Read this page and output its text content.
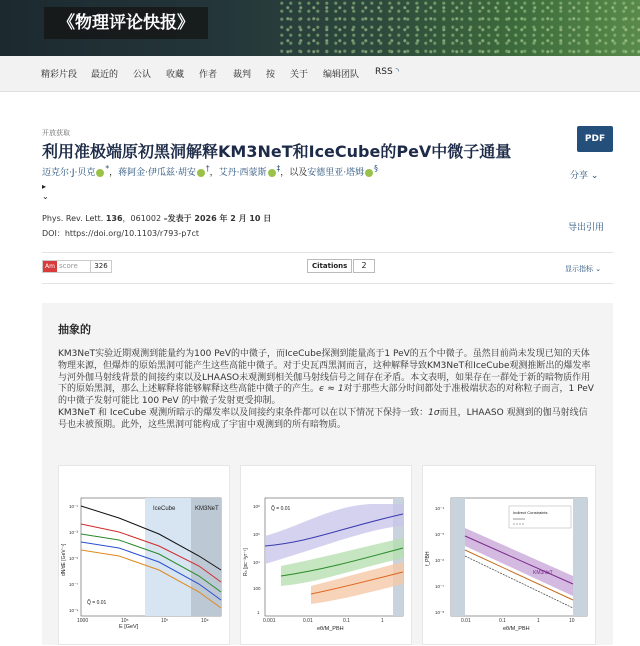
《物理评论快报》
精彩片段 最近的 公认 收藏 作者 裁判 按 关于 编辑团队 RSS ◝
开放获取
利用准极端原初黑洞解释KM3NeT和IceCube的PeV中微子通量
PDF
迈克尔·J·贝克 *，蒋阿金·伊瓜兹·胡安 †，艾丹·西蒙斯 ‡，以及安德里亚·塔姆 §
分享 ⌄
▸
⌄
Phys. Rev. Lett. 136，061002 –发表于 2026 年 2 月 10 日
DOI：https://doi.org/10.1103/r793-p7ct
导出引用
Am score	326	Citations	2	显示指标 ⌄
抽象的
KM3NeT实验近期观测到能量约为100 PeV的中微子，而IceCube探测到能量高于1 PeV的五个中微子。虽然目前尚未发现已知的天体物理来源，但爆炸的原始黑洞可能产生这些高能中微子。对于史瓦西黑洞而言，这种解释导致KM3NeT和IceCube观测推断出的爆发率与河外伽马射线背景的间接约束以及LHAASO未观测到相关伽马射线信号之间存在矛盾。本文表明，如果存在一群处于新的暗物质作用下的原始黑洞，那么上述解释将能够解释这些高能中微子的产生。ϵ ≈ 1对于那些大部分时间都处于准极端状态的对称粒子而言，1 PeV 的中微子发射可能比 100 PeV 的中微子发射更受抑制。
KM3NeT 和 IceCube 观测所暗示的爆发率以及间接约束条件都可以在以下情况下保持一致：1σ而且，LHAASO 观测到的伽马射线信号也未被预期。此外，这些黑洞可能构成了宇宙中观测到的所有暗物质。
IceCube	KM3NeT
Q̃ = 0.01
E [GeV]
dN/dE [GeV⁻¹]
1000	10⁵	10⁷	10⁹
10⁻¹
10⁻³
10⁻⁵
10⁻⁷
10⁻⁹
Q̃ = 0.01
eθ/M_PBH
Rₙ [pc⁻³yr⁻¹]
0.001	0.01	0.1	1
10⁸
10⁶
10⁴
100
1
Indirect Constraints
KM3NeT
eθ/M_PBH
f_PBH
0.01	0.1	1	10
10⁻⁴
10⁻⁵
10⁻⁶
10⁻⁷
10⁻⁸
